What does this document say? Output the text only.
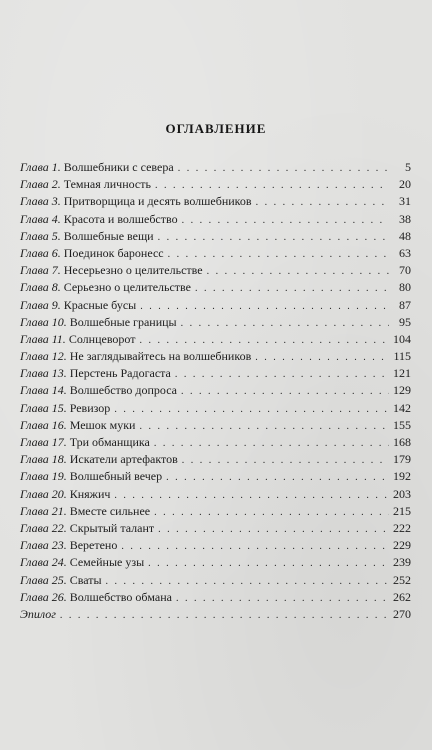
ОГЛАВЛЕНИЕ
Глава 1. Волшебники с севера . . .	5
Глава 2. Темная личность . . .	20
Глава 3. Притворщица и десять волшебников . . .	31
Глава 4. Красота и волшебство . . .	38
Глава 5. Волшебные вещи . . .	48
Глава 6. Поединок баронесс . . .	63
Глава 7. Несерьезно о целительстве . . .	70
Глава 8. Серьезно о целительстве . . .	80
Глава 9. Красные бусы . . .	87
Глава 10. Волшебные границы . . .	95
Глава 11. Солнцеворот . . .	104
Глава 12. Не заглядывайтесь на волшебников . . .	115
Глава 13. Перстень Радогаста . . .	121
Глава 14. Волшебство допроса . . .	129
Глава 15. Ревизор . . .	142
Глава 16. Мешок муки . . .	155
Глава 17. Три обманщика . . .	168
Глава 18. Искатели артефактов . . .	179
Глава 19. Волшебный вечер . . .	192
Глава 20. Княжич . . .	203
Глава 21. Вместе сильнее . . .	215
Глава 22. Скрытый талант . . .	222
Глава 23. Веретено . . .	229
Глава 24. Семейные узы . . .	239
Глава 25. Сваты . . .	252
Глава 26. Волшебство обмана . . .	262
Эпилог . . .	270
